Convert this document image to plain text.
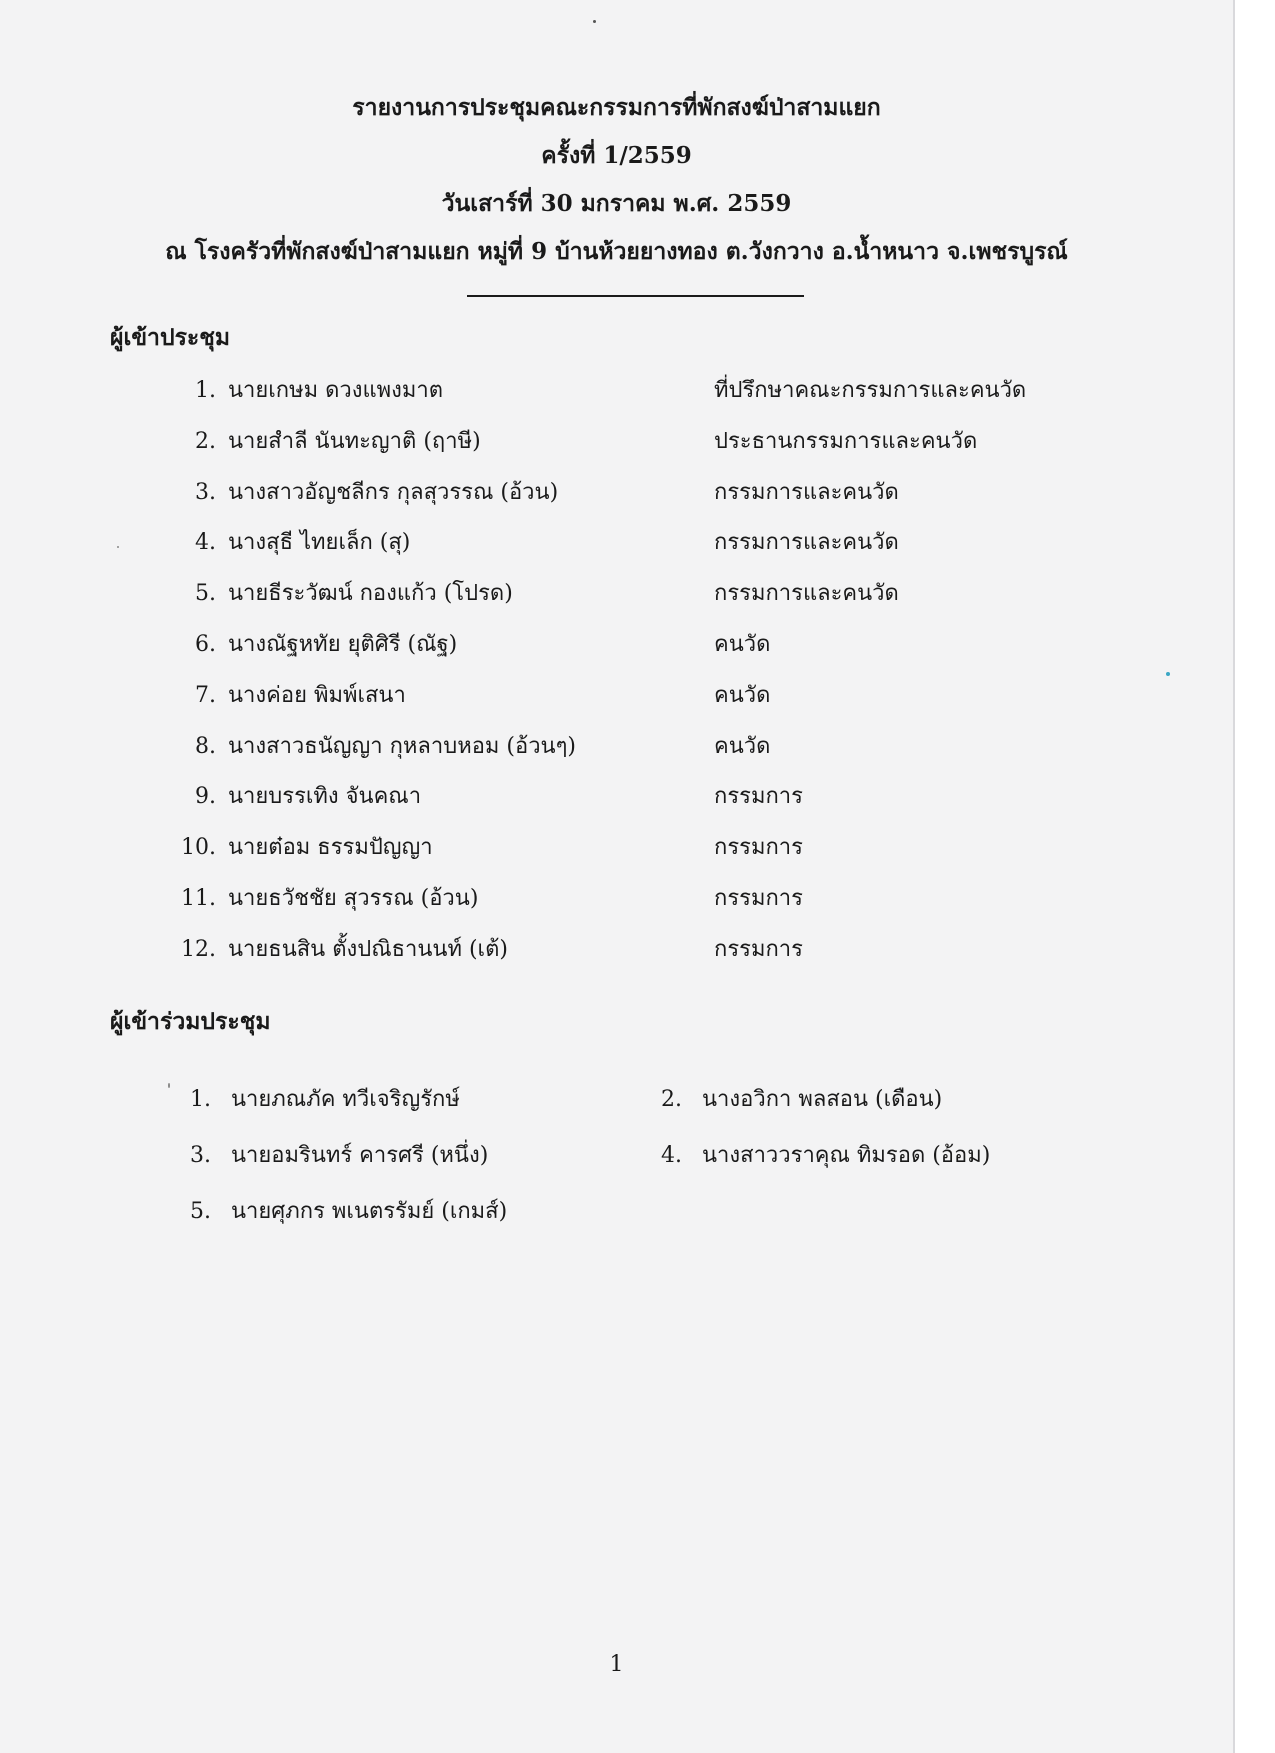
รายงานการประชุมคณะกรรมการที่พักสงฆ์ป่าสามแยก

ครั้งที่ 1/2559

วันเสาร์ที่ 30 มกราคม พ.ศ. 2559

ณ โรงครัวที่พักสงฆ์ป่าสามแยก หมู่ที่ 9 บ้านห้วยยางทอง ต.วังกวาง อ.น้ำหนาว จ.เพชรบูรณ์

ผู้เข้าประชุม
1. นายเกษม ดวงแพงมาต	ที่ปรึกษาคณะกรรมการและคนวัด
2. นายสำลี นันทะญาติ (ฤาษี)	ประธานกรรมการและคนวัด
3. นางสาวอัญชลีกร กุลสุวรรณ (อ้วน)	กรรมการและคนวัด
4. นางสุธี ไทยเล็ก (สุ)	กรรมการและคนวัด
5. นายธีระวัฒน์ กองแก้ว (โปรด)	กรรมการและคนวัด
6. นางณัฐหทัย ยุติศิรี (ณัฐ)	คนวัด
7. นางค่อย พิมพ์เสนา	คนวัด
8. นางสาวธนัญญา กุหลาบหอม (อ้วนๆ)	คนวัด
9. นายบรรเทิง จันคณา	กรรมการ
10. นายต๋อม ธรรมปัญญา	กรรมการ
11. นายธวัชชัย สุวรรณ (อ้วน)	กรรมการ
12. นายธนสิน ตั้งปณิธานนท์ (เต้)	กรรมการ
ผู้เข้าร่วมประชุม
1. นายภณภัค ทวีเจริญรักษ์	2. นางอวิกา พลสอน (เดือน)
3. นายอมรินทร์ คารศรี (หนึ่ง)	4. นางสาววราคุณ ทิมรอด (อ้อม)
5. นายศุภกร พเนตรรัมย์ (เกมส์)
1
